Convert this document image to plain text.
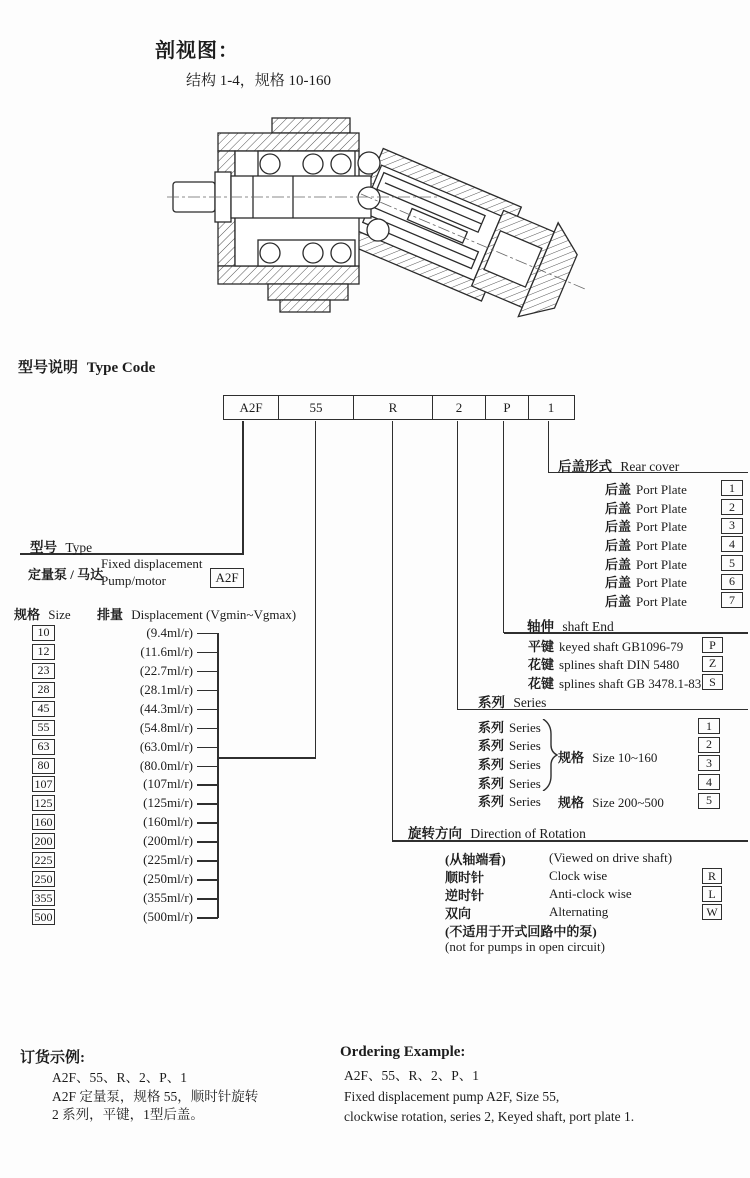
剖视图：
结构 1-4，规格 10-160
型号说明 Type Code
A2F	55	R	2	P	1
后盖形式 Rear cover
后盖 Port Plate	1
后盖 Port Plate	2
后盖 Port Plate	3
后盖 Port Plate	4
后盖 Port Plate	5
后盖 Port Plate	6
后盖 Port Plate	7
型号 Type
定量泵 / 马达
Fixed displacement
Pump/motor	A2F
规格 Size 排量 Displacement (Vgmin~Vgmax)
10	(9.4ml/r)
12	(11.6ml/r)
23	(22.7ml/r)
28	(28.1ml/r)
45	(44.3ml/r)
55	(54.8ml/r)
63	(63.0ml/r)
80	(80.0ml/r)
107	(107ml/r)
125	(125mi/r)
160	(160ml/r)
200	(200ml/r)
225	(225ml/r)
250	(250ml/r)
355	(355ml/r)
500	(500ml/r)
轴伸 shaft End
平键 keyed shaft GB1096-79	P
花键 splines shaft DIN 5480	Z
花键 splines shaft GB 3478.1-83 S
系列 Series
系列 Series	1
系列 Series	2
系列 Series	3
系列 Series	4
系列 Series	5
规格 Size 10~160
规格 Size 200~500
旋转方向 Direction of Rotation
(从轴端看)	(Viewed on drive shaft)
顺时针	Clock wise	R
逆时针	Anti-clock wise	L
双向	Alternating	W
(不适用于开式回路中的泵)
(not for pumps in open circuit)
订货示例:
A2F、55、R、2、P、1
A2F 定量泵，规格 55，顺时针旋转
2 系列，平键，1型后盖。
Ordering Example:
A2F、55、R、2、P、1
Fixed displacement pump A2F, Size 55,
clockwise rotation, series 2, Keyed shaft, port plate 1.
